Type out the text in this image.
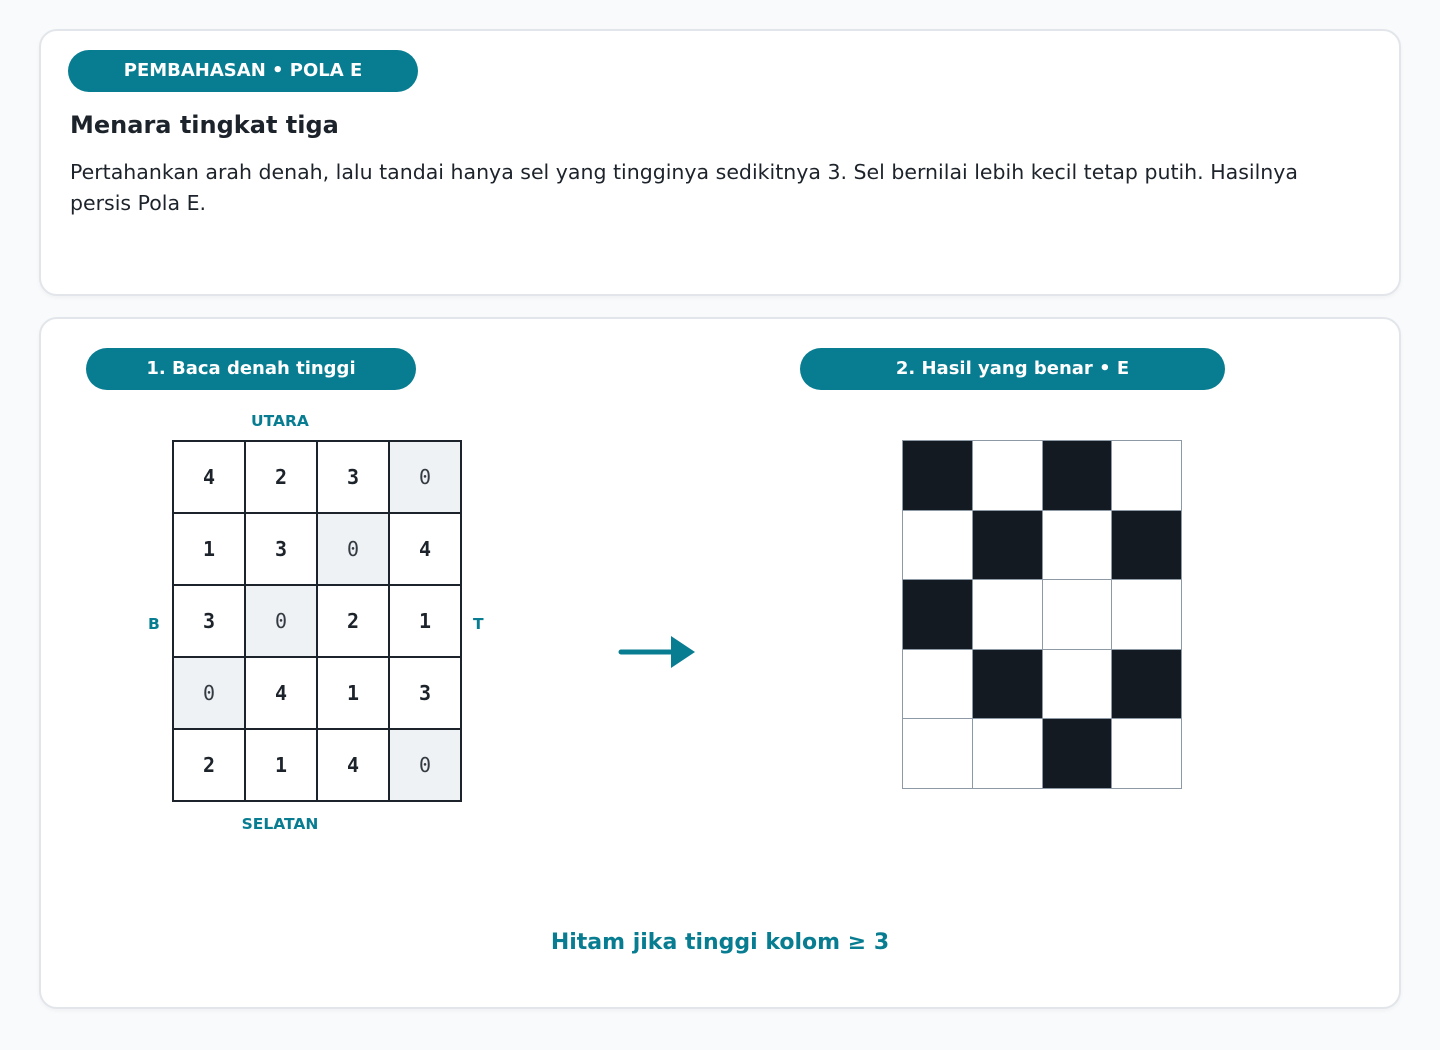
PEMBAHASAN • POLA E
Menara tingkat tiga

Pertahankan arah denah, lalu tandai hanya sel yang tingginya sedikitnya 3. Sel bernilai lebih kecil tetap putih. Hasilnya persis Pola E.

1. Baca denah tinggi	2. Hasil yang benar • E
UTARA
SELATAN
B	T
4	2	3	0
1	3	0	4
3	0	2	1
0	4	1	3
2	1	4	0
Hitam jika tinggi kolom ≥ 3
